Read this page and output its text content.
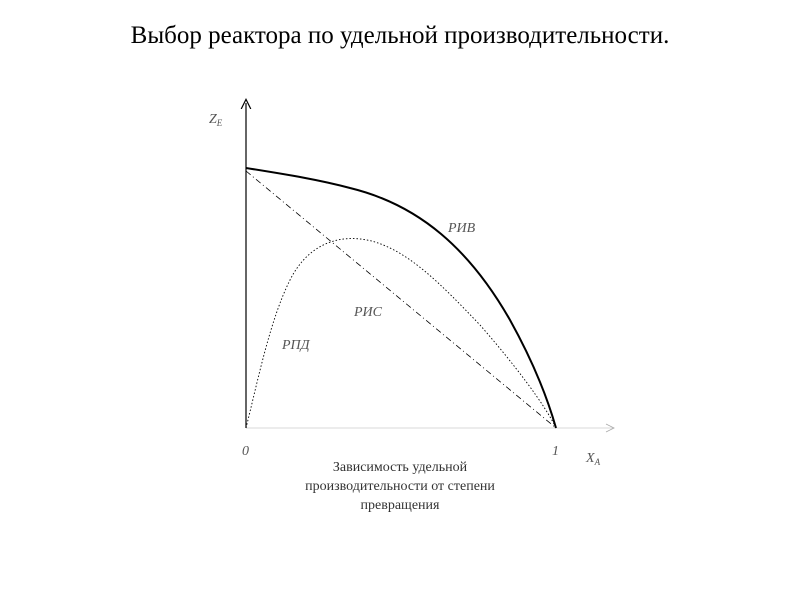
Выбор реактора по удельной производительности.
$Z_Е$
$X_А$
0	1
РИВ
РИС
РПД
Зависимость удельной
производительности от степени
превращения
